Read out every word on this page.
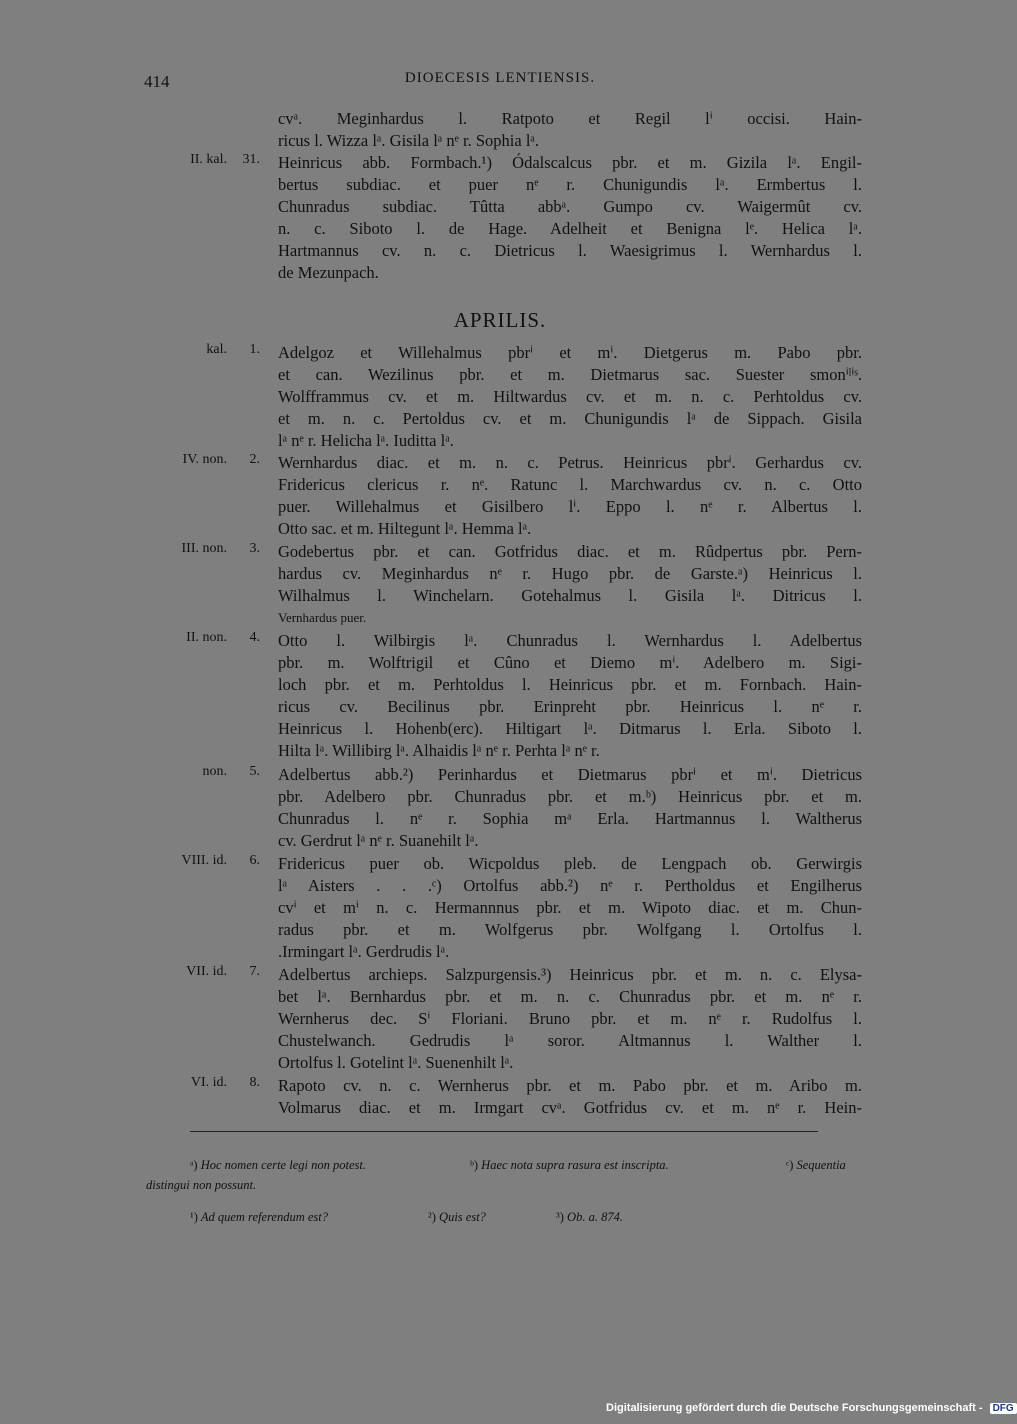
414	DIOECESIS LENTIENSIS.
cvᵃ. Meginhardus l. Ratpoto et Regil lⁱ occisi. Hain-
ricus l. Wizza lᵃ. Gisila lᵃ nᵉ r. Sophia lᵃ.
II. kal. 31. Heinricus abb. Formbach.¹) Ódalscalcus pbr. et m. Gizila lᵃ. Engil-
bertus subdiac. et puer nᵉ r. Chunigundis lᵃ. Ermbertus l.
Chunradus subdiac. Tûtta abbᵃ. Gumpo cv. Waigermût cv.
n. c. Siboto l. de Hage. Adelheit et Benigna lᵉ. Helica lᵃ.
Hartmannus cv. n. c. Dietricus l. Waesigrimus l. Wernhardus l.
de Mezunpach.
APRILIS.
kal. 1. Adelgoz et Willehalmus pbrⁱ et mⁱ. Dietgerus m. Pabo pbr.
et can. Wezilinus pbr. et m. Dietmarus sac. Suester smonⁱˡⁱˢ.
Wolfframmus cv. et m. Hiltwardus cv. et m. n. c. Perhtoldus cv.
et m. n. c. Pertoldus cv. et m. Chunigundis lᵃ de Sippach. Gisila
lᵃ nᵉ r. Helicha lᵃ. Iuditta lᵃ.
IV. non. 2. Wernhardus diac. et m. n. c. Petrus. Heinricus pbrⁱ. Gerhardus cv.
Fridericus clericus r. nᵉ. Ratunc l. Marchwardus cv. n. c. Otto
puer. Willehalmus et Gisilbero lⁱ. Eppo l. nᵉ r. Albertus l.
Otto sac. et m. Hiltegunt lᵃ. Hemma lᵃ.
III. non. 3. Godebertus pbr. et can. Gotfridus diac. et m. Rûdpertus pbr. Pern-
hardus cv. Meginhardus nᵉ r. Hugo pbr. de Garste.ᵃ) Heinricus l.
Wilhalmus l. Winchelarn. Gotehalmus l. Gisila lᵃ. Ditricus l.
Vernhardus puer.
II. non. 4. Otto l. Wilbirgis lᵃ. Chunradus l. Wernhardus l. Adelbertus
pbr. m. Wolftrigil et Cûno et Diemo mⁱ. Adelbero m. Sigi-
loch pbr. et m. Perhtoldus l. Heinricus pbr. et m. Fornbach. Hain-
ricus cv. Becilinus pbr. Erinpreht pbr. Heinricus l. nᵉ r.
Heinricus l. Hohenb(erc). Hiltigart lᵃ. Ditmarus l. Erla. Siboto l.
Hilta lᵃ. Willibirg lᵃ. Alhaidis lᵃ nᵉ r. Perhta lᵃ nᵉ r.
non. 5. Adelbertus abb.²) Perinhardus et Dietmarus pbrⁱ et mⁱ. Dietricus
pbr. Adelbero pbr. Chunradus pbr. et m.ᵇ) Heinricus pbr. et m.
Chunradus l. nᵉ r. Sophia mᵃ Erla. Hartmannus l. Waltherus
cv. Gerdrut lᵃ nᵉ r. Suanehilt lᵃ.
VIII. id. 6. Fridericus puer ob. Wicpoldus pleb. de Lengpach ob. Gerwirgis
lᵃ Aisters . . .ᶜ) Ortolfus abb.²) nᵉ r. Pertholdus et Engilherus
cvⁱ et mⁱ n. c. Hermannnus pbr. et m. Wipoto diac. et m. Chun-
radus pbr. et m. Wolfgerus pbr. Wolfgang l. Ortolfus l.
.Irmingart lᵃ. Gerdrudis lᵃ.
VII. id. 7. Adelbertus archieps. Salzpurgensis.³) Heinricus pbr. et m. n. c. Elysa-
bet lᵃ. Bernhardus pbr. et m. n. c. Chunradus pbr. et m. nᵉ r.
Wernherus dec. Sⁱ Floriani. Bruno pbr. et m. nᵉ r. Rudolfus l.
Chustelwanch. Gedrudis lᵃ soror. Altmannus l. Walther l.
Ortolfus l. Gotelint lᵃ. Suenenhilt lᵃ.
VI. id. 8. Rapoto cv. n. c. Wernherus pbr. et m. Pabo pbr. et m. Aribo m.
Volmarus diac. et m. Irmgart cvᵃ. Gotfridus cv. et m. nᵉ r. Hein-
ᵃ) Hoc nomen certe legi non potest.	ᵇ) Haec nota supra rasura est inscripta.	ᶜ) Sequentia
distingui non possunt.
¹) Ad quem referendum est?	²) Quis est?	³) Ob. a. 874.
Digitalisierung gefördert durch die Deutsche Forschungsgemeinschaft - DFG
